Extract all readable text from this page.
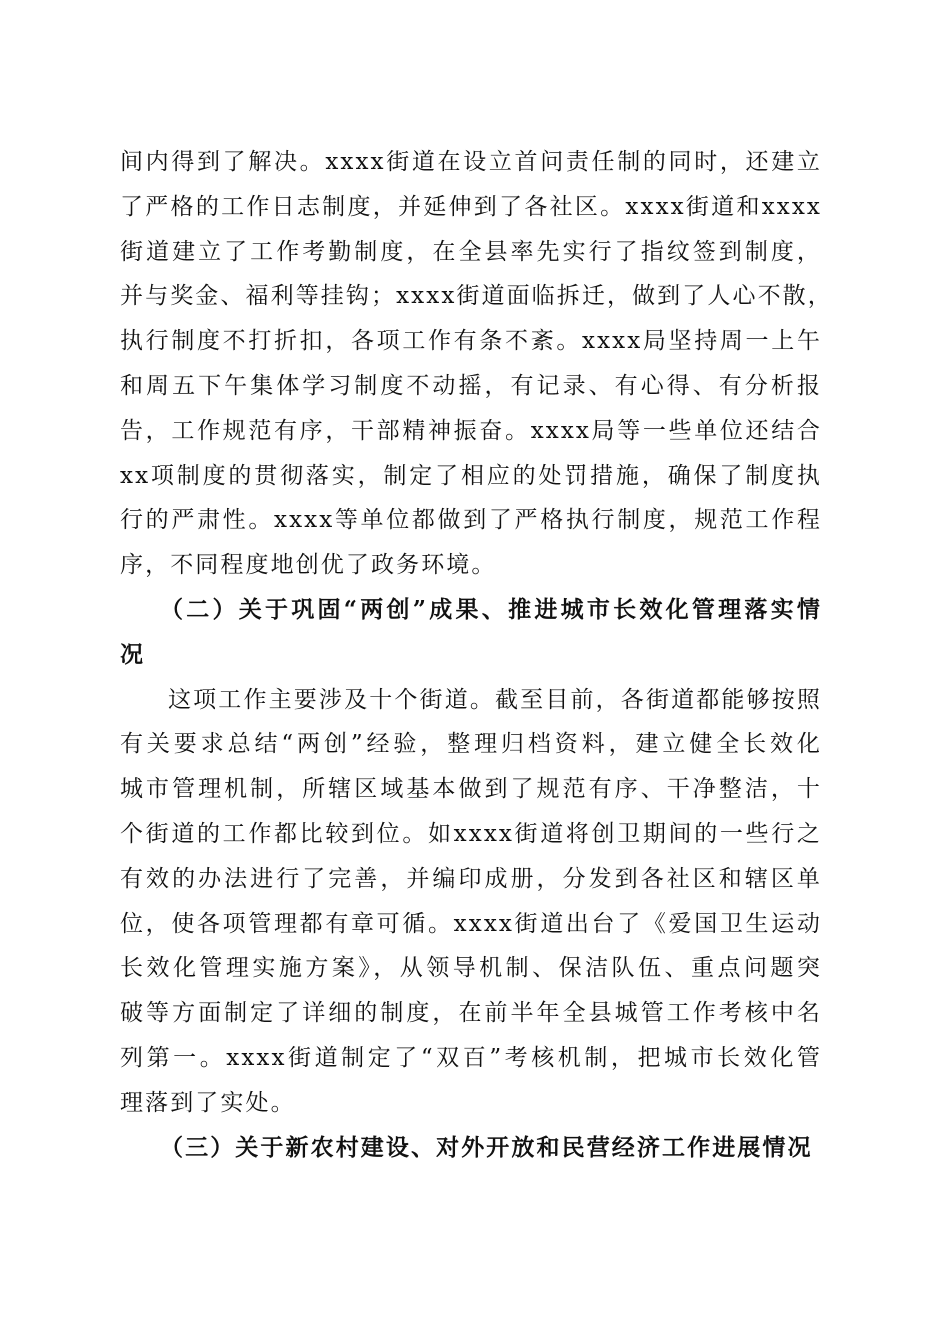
间内得到了解决。xxxx街道在设立首问责任制的同时，还建立
了严格的工作日志制度，并延伸到了各社区。xxxx街道和xxxx
街道建立了工作考勤制度，在全县率先实行了指纹签到制度，
并与奖金、福利等挂钩；xxxx街道面临拆迁，做到了人心不散，
执行制度不打折扣，各项工作有条不紊。xxxx局坚持周一上午
和周五下午集体学习制度不动摇，有记录、有心得、有分析报
告，工作规范有序，干部精神振奋。xxxx局等一些单位还结合
xx项制度的贯彻落实，制定了相应的处罚措施，确保了制度执
行的严肃性。xxxx等单位都做到了严格执行制度，规范工作程
序，不同程度地创优了政务环境。
（二）关于巩固“两创”成果、推进城市长效化管理落实情
况
这项工作主要涉及十个街道。截至目前，各街道都能够按照
有关要求总结“两创”经验，整理归档资料，建立健全长效化
城市管理机制，所辖区域基本做到了规范有序、干净整洁，十
个街道的工作都比较到位。如xxxx街道将创卫期间的一些行之
有效的办法进行了完善，并编印成册，分发到各社区和辖区单
位，使各项管理都有章可循。xxxx街道出台了《爱国卫生运动
长效化管理实施方案》，从领导机制、保洁队伍、重点问题突
破等方面制定了详细的制度，在前半年全县城管工作考核中名
列第一。xxxx街道制定了“双百”考核机制，把城市长效化管
理落到了实处。
（三）关于新农村建设、对外开放和民营经济工作进展情况
